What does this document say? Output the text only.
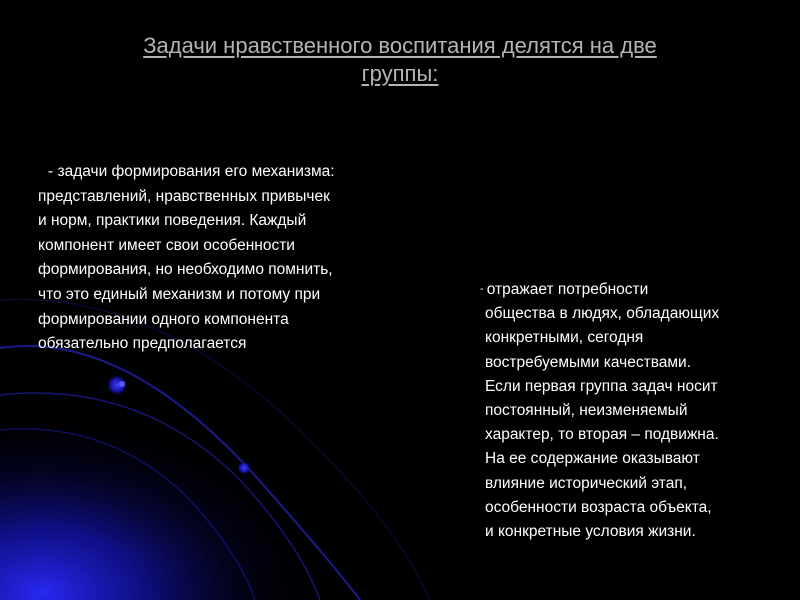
Задачи нравственного воспитания делятся на две
группы:
- задачи формирования его механизма:
представлений, нравственных привычек
и норм, практики поведения. Каждый
компонент имеет свои особенности
формирования, но необходимо помнить,
что это единый механизм и потому при
формировании одного компонента
обязательно предполагается
- отражает потребности
общества в людях, обладающих
конкретными, сегодня
востребуемыми качествами.
Если первая группа задач носит
постоянный, неизменяемый
характер, то вторая – подвижна.
На ее содержание оказывают
влияние исторический этап,
особенности возраста объекта,
и конкретные условия жизни.
